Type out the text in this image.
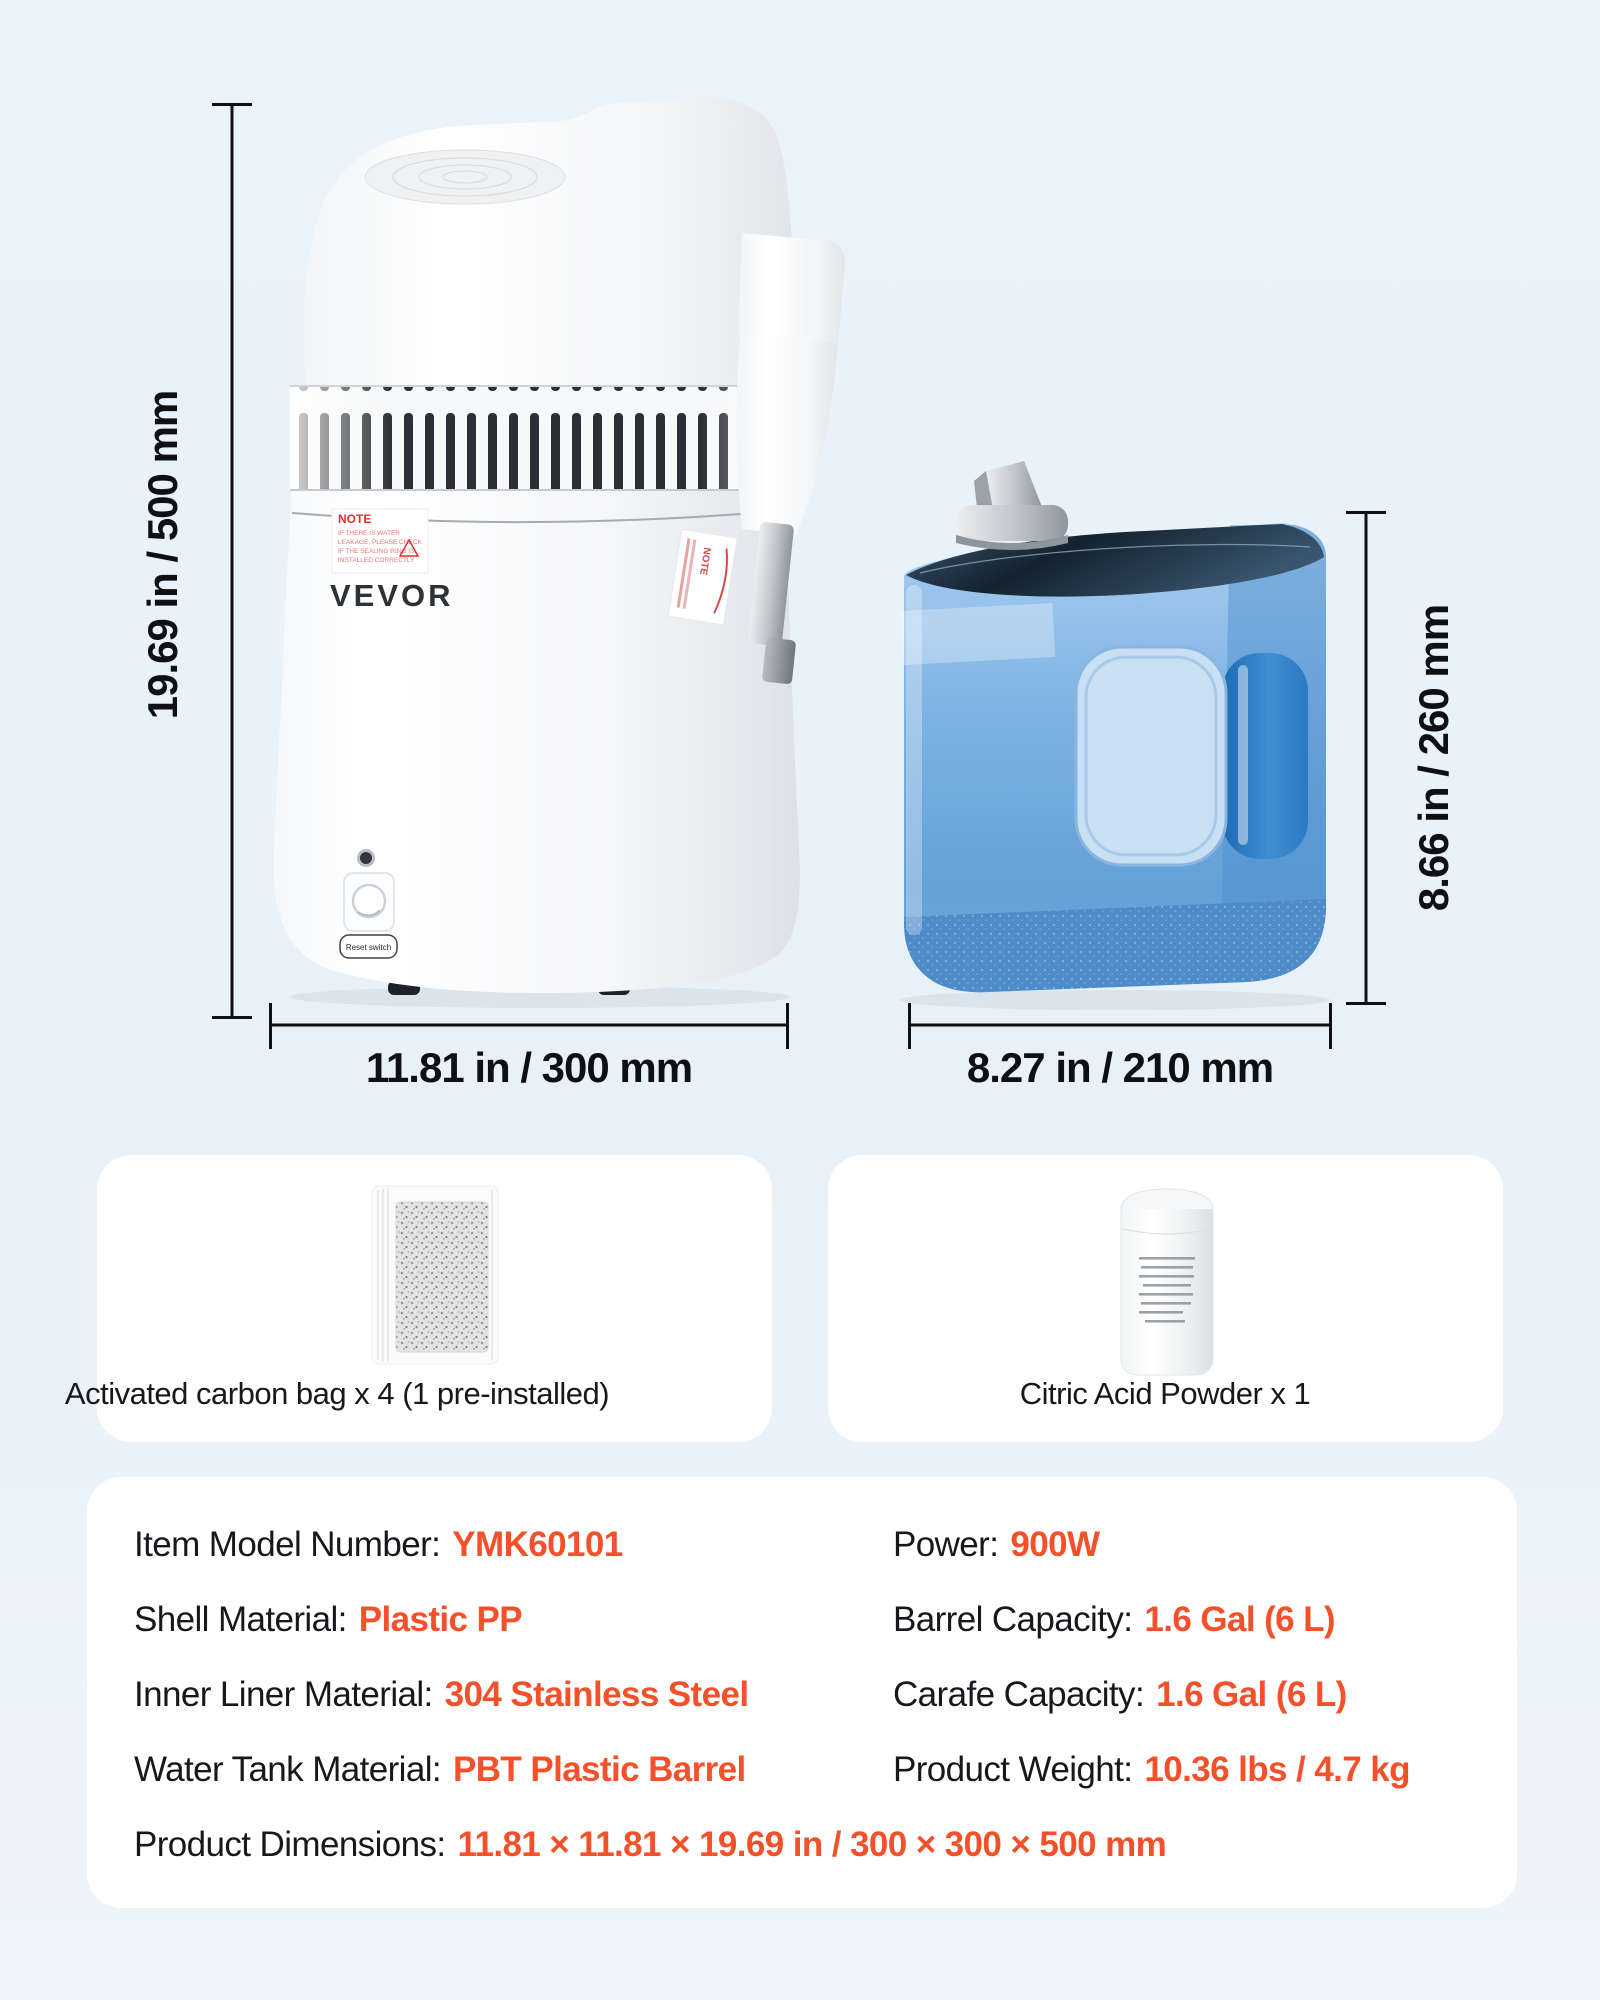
NOTE
IF THERE IS WATER
LEAKAGE, PLEASE CHECK
IF THE SEALING RING IS
INSTALLED CORRECTLY
VEVOR
NOTE
Reset switch
19.69 in / 500 mm
8.66 in / 260 mm
11.81 in / 300 mm	8.27 in / 210 mm
Activated carbon bag x 4 (1 pre-installed)	Citric Acid Powder x 1
Item Model Number: YMK60101
Shell Material: Plastic PP
Inner Liner Material: 304 Stainless Steel
Water Tank Material: PBT Plastic Barrel
Power: 900W
Barrel Capacity: 1.6 Gal (6 L)
Carafe Capacity: 1.6 Gal (6 L)
Product Weight: 10.36 lbs / 4.7 kg
Product Dimensions: 11.81 × 11.81 × 19.69 in / 300 × 300 × 500 mm
